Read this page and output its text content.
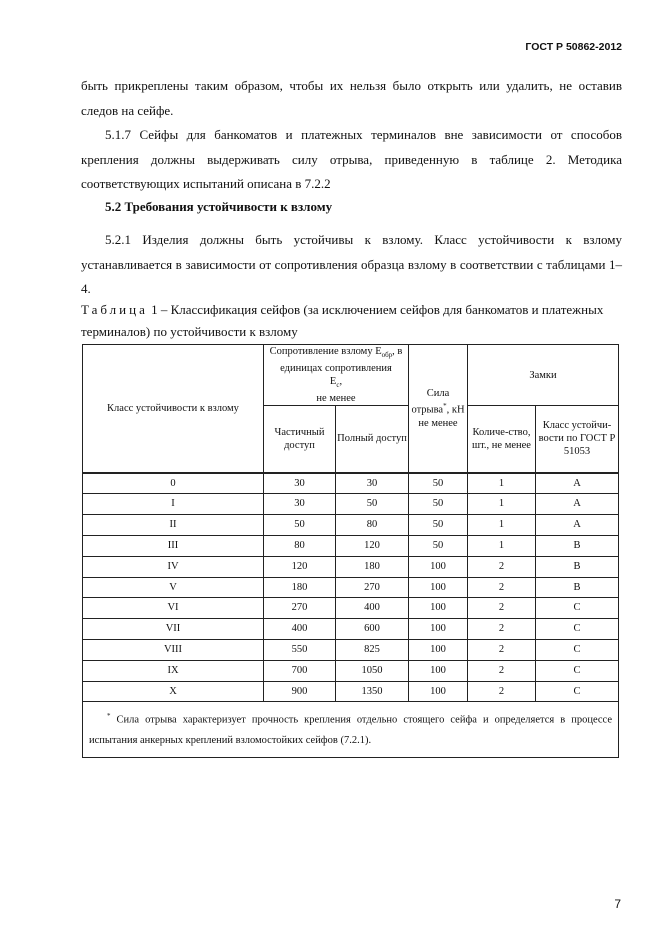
ГОСТ Р 50862-2012

быть прикреплены таким образом, чтобы их нельзя было открыть или удалить, не оставив следов на сейфе.

5.1.7 Сейфы для банкоматов и платежных терминалов вне зависимости от способов крепления должны выдерживать силу отрыва, приведенную в таблице 2. Методика соответствующих испытаний описана в 7.2.2

5.2 Требования устойчивости к взлому

5.2.1 Изделия должны быть устойчивы к взлому. Класс устойчивости к взлому устанавливается в зависимости от сопротивления образца взлому в соответствии с таблицами 1–4.

Таблица 1 – Классификация сейфов (за исключением сейфов для банкоматов и платежных терминалов) по устойчивости к взлому

Класс устойчивости к взлому	Сопротивление взлому $E_{обр}$, в единицах сопротивления
$E_c$,
не менее		Сила отрыва*, кН не менее	Замки	
	Частичный доступ	Полный доступ		Количе-ство, шт., не менее	Класс устойчи-вости по ГОСТ Р 51053
0	30	30	50	1	A
I	30	50	50	1	A
II	50	80	50	1	A
III	80	120	50	1	B
IV	120	180	100	2	B
V	180	270	100	2	B
VI	270	400	100	2	C
VII	400	600	100	2	C
VIII	550	825	100	2	C
IX	700	1050	100	2	C
X	900	1350	100	2	C
* Сила отрыва характеризует прочность крепления отдельно стоящего сейфа и определяется в процессе испытания анкерных креплений взломостойких сейфов (7.2.1).					
7
